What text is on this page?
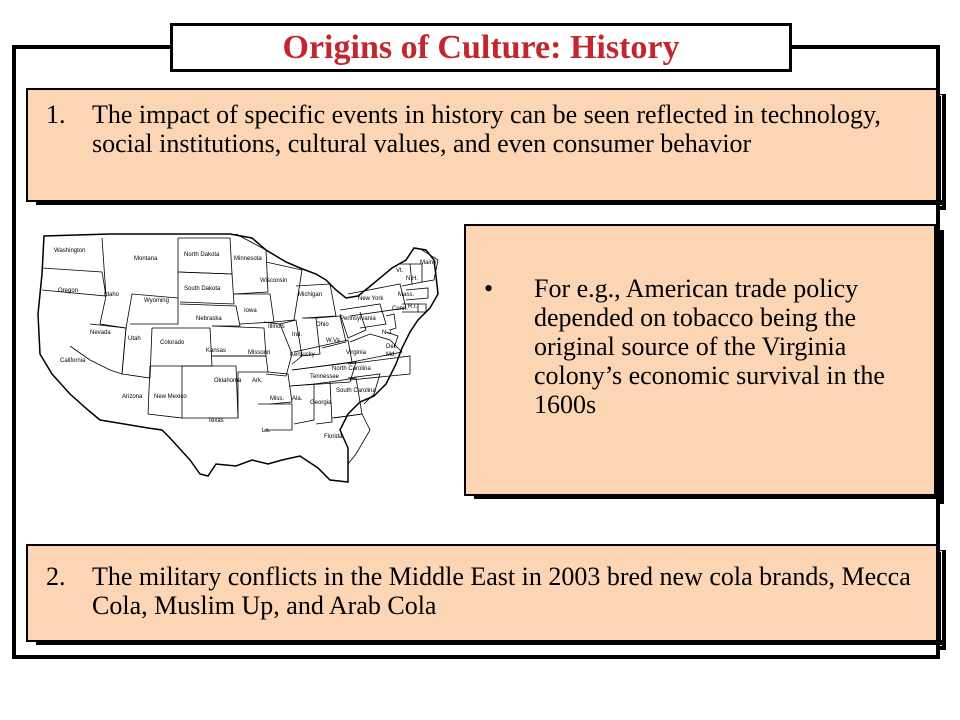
Origins of Culture: History
1.	The impact of specific events in history can be seen reflected in technology, social institutions, cultural values, and even consumer behavior
Washington
Oregon
California
Idaho
Nevada
Montana
Wyoming
Utah
Arizona
Colorado
New Mexico
North Dakota
South Dakota
Nebraska
Kansas
Oklahoma
Texas
Minnesota
Iowa
Missouri
Ark.
La.
Wisconsin
Illinois
Michigan
Ind.
Ohio
Kentucky
Tennessee
Miss. Ala.
Georgia
Florida
South Carolina
North Carolina
Virginia
W.Va.
Pennsylvania
New York
Vt.
N.H.
Maine
Mass.
Conn. R.I.
N.J.
Del.
Md.
•	For e.g., American trade policy depended on tobacco being the original source of the Virginia colony’s economic survival in the 1600s
2.	The military conflicts in the Middle East in 2003 bred new cola brands, Mecca Cola, Muslim Up, and Arab Cola
